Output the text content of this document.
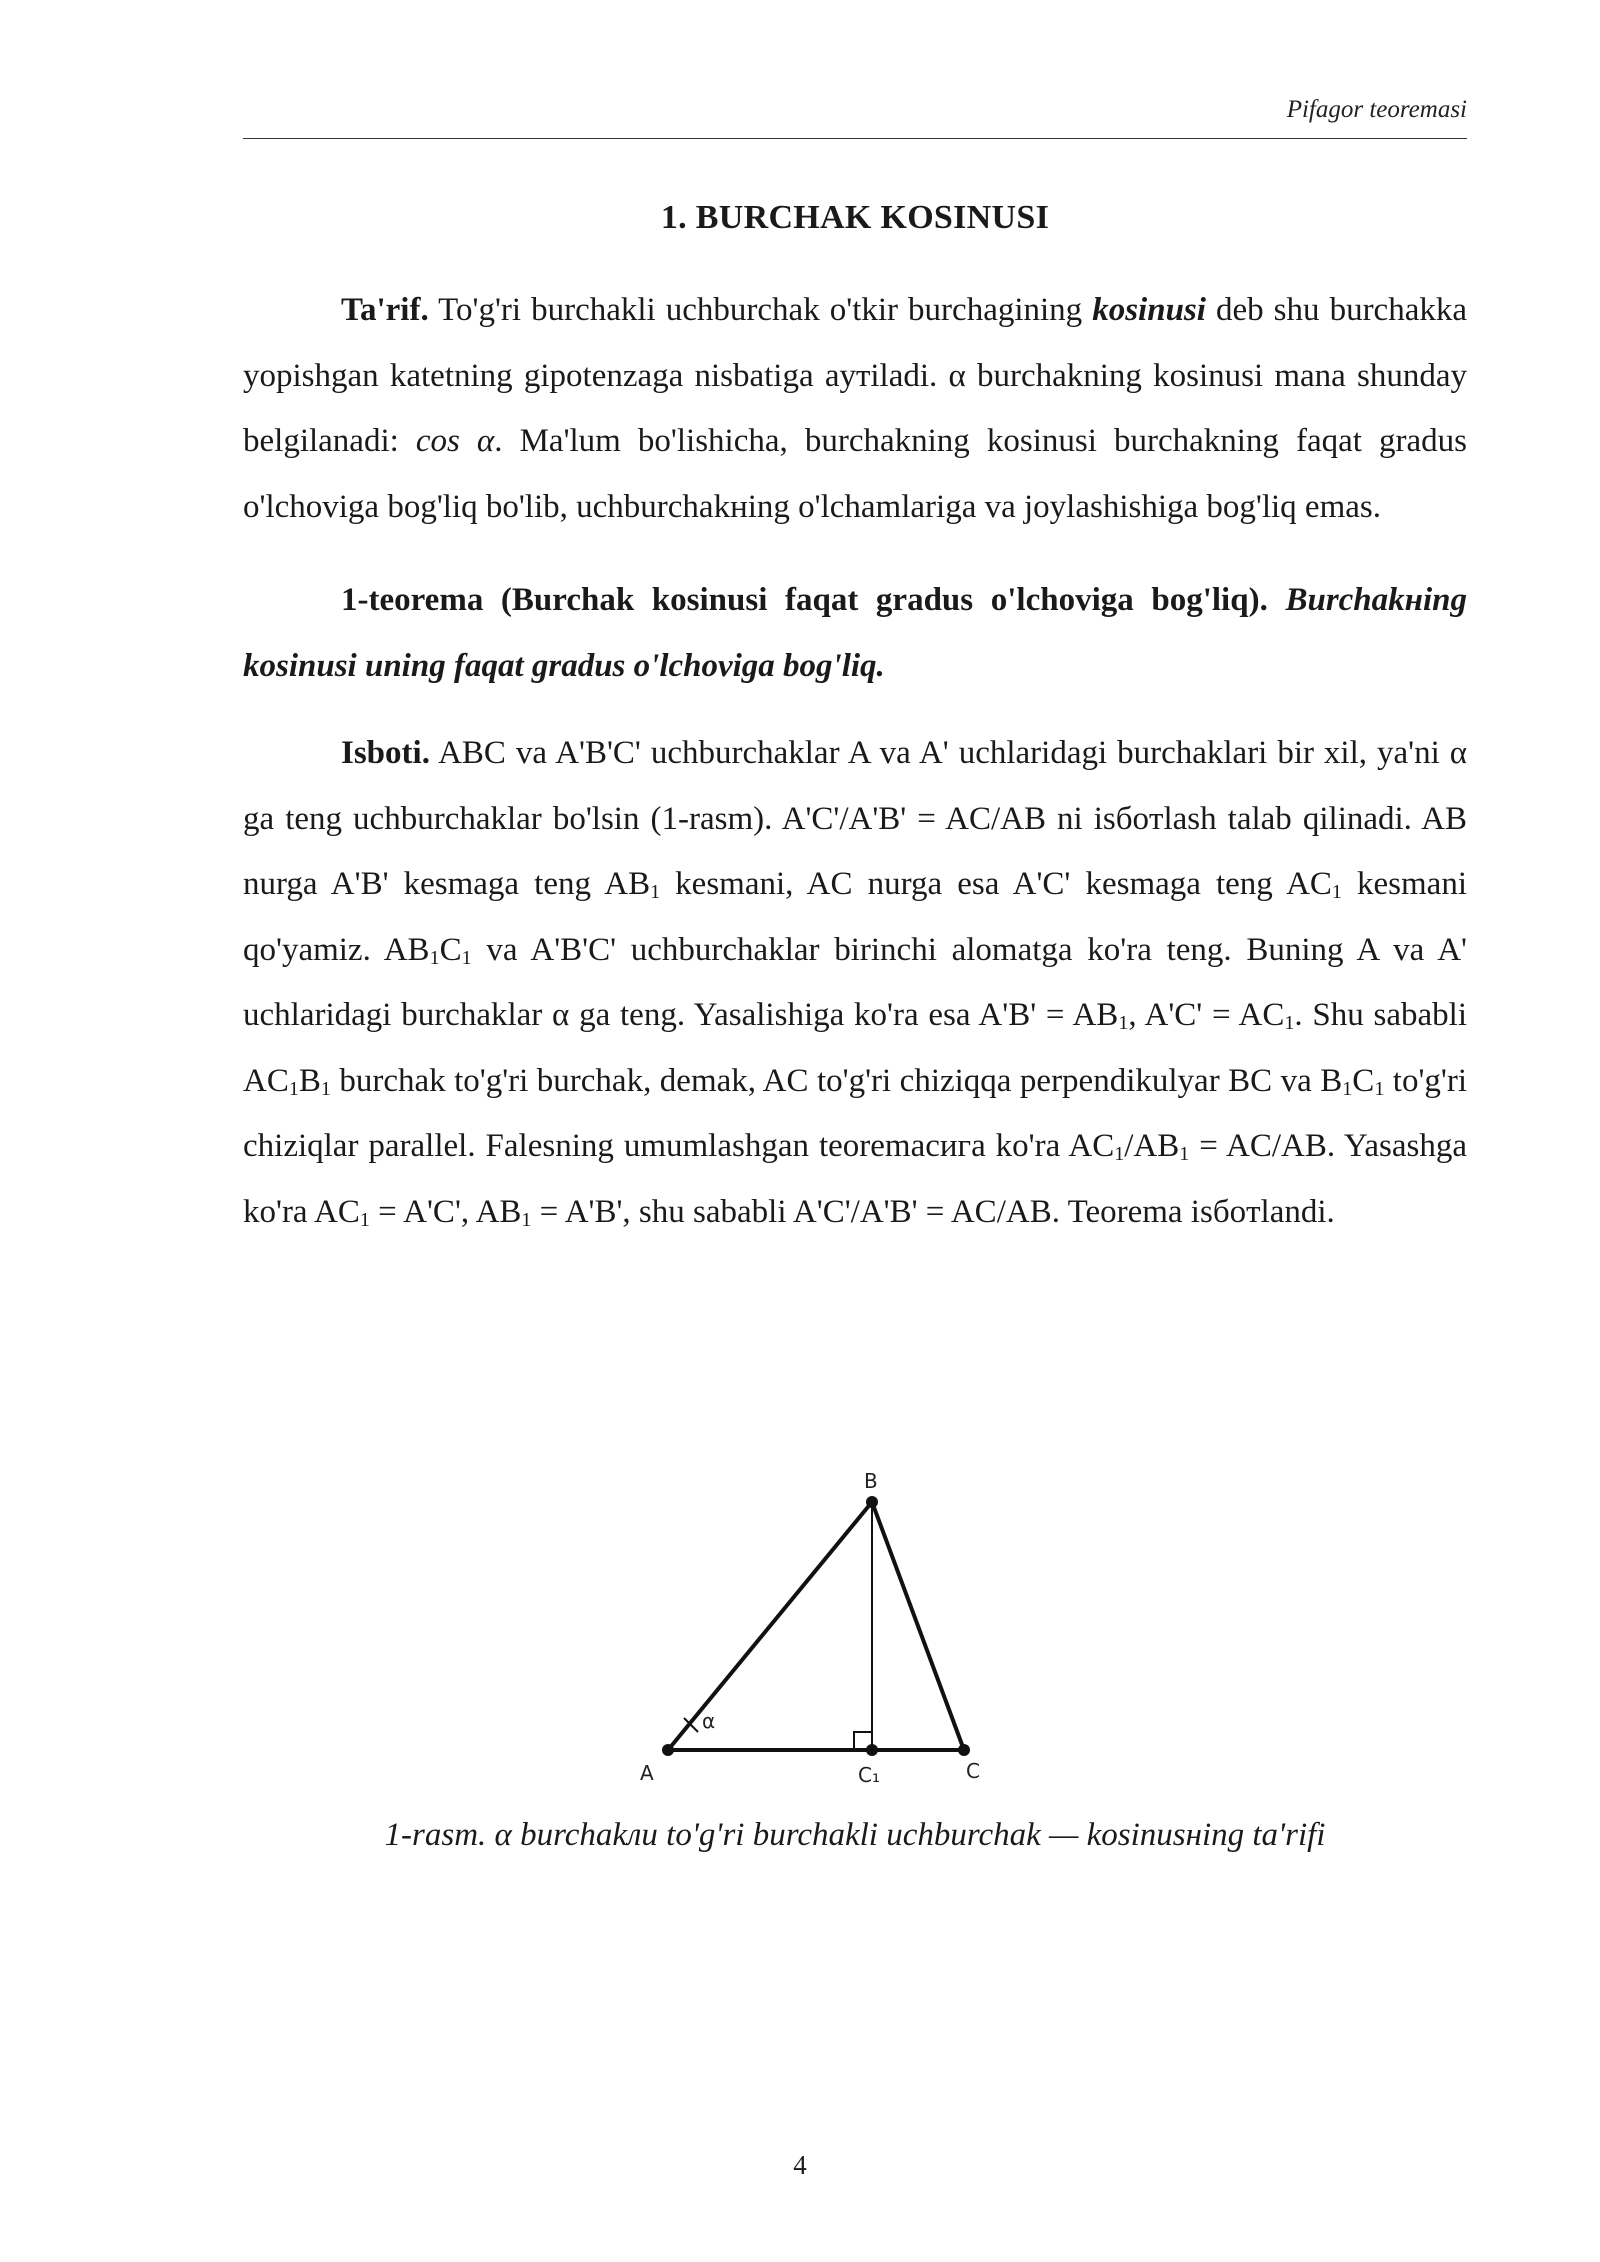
Pifagor teoremasi
1. BURCHAK KOSINUSI

Ta'rif. To'g'ri burchakli uchburchak o'tkir burchagining kosinusi deb shu burchakka yopishgan katetning gipotenzaga nisbatiga aутiladi. α burchakning kosinusi mana shunday belgilanadi: cos α. Ma'lum bo'lishicha, burchakning kosinusi burchakning faqat gradus o'lchoviga bog'liq bo'lib, uchburchakнing o'lchamlariga va joylashishiga bog'liq emas.

1-teorema (Burchak kosinusi faqat gradus o'lchoviga bog'liq). Burchakнing kosinusi uning faqat gradus o'lchoviga bog'liq.

Isboti. ABC va A'B'C' uchburchaklar A va A' uchlaridagi burchaklari bir xil, ya'ni α ga teng uchburchaklar bo'lsin (1-rasm). A'C'/A'B' = AC/AB ni isбoтlash talab qilinadi. AB nurga A'B' kesmaga teng $AB_1$ kesmani, AC nurga esa A'C' kesmaga teng $AC_1$ kesmani qo'yamiz. $AB_1C_1$ va A'B'C' uchburchaklar birinchi alomatga ko'ra teng. Buning A va A' uchlaridagi burchaklar α ga teng. Yasalishiga ko'ra esa $A'B' = AB_1$, $A'C' = AC_1$. Shu sababli $AC_1B_1$ burchak to'g'ri burchak, demak, AC to'g'ri chiziqqa perpendikulyar BC va $B_1C_1$ to'g'ri chiziqlar parallel. Falesning umumlashgan teoremaсига ko'ra $AC_1/AB_1 = AC/AB$. Yasashga ko'ra $AC_1 = A'C'$, $AB_1 = A'B'$, shu sababli A'C'/A'B' = AC/AB. Teorema isбoтlandi.

B
A	C
C₁
α
1-rasm. α burchakли to'g'ri burchakli uchburchak — kosinusнing ta'rifi
4
